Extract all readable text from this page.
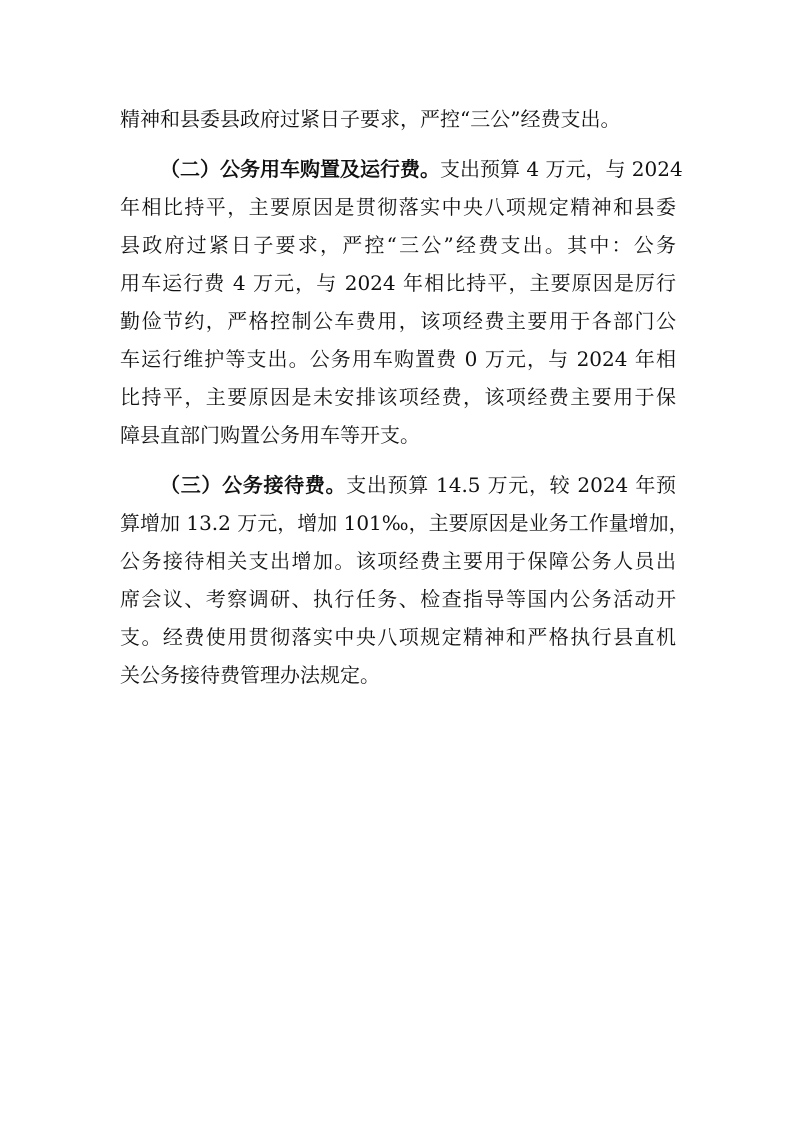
精神和县委县政府过紧日子要求，严控“三公”经费支出。
（二）公务用车购置及运行费。支出预算 4 万元，与 2024
年相比持平，主要原因是贯彻落实中央八项规定精神和县委
县政府过紧日子要求，严控“三公”经费支出。其中：公务
用车运行费 4 万元，与 2024 年相比持平，主要原因是厉行
勤俭节约，严格控制公车费用，该项经费主要用于各部门公
车运行维护等支出。公务用车购置费 0 万元，与 2024 年相
比持平，主要原因是未安排该项经费，该项经费主要用于保
障县直部门购置公务用车等开支。
（三）公务接待费。支出预算 14.5 万元，较 2024 年预
算增加 13.2 万元，增加 101‰，主要原因是业务工作量增加，
公务接待相关支出增加。该项经费主要用于保障公务人员出
席会议、考察调研、执行任务、检查指导等国内公务活动开
支。经费使用贯彻落实中央八项规定精神和严格执行县直机
关公务接待费管理办法规定。
